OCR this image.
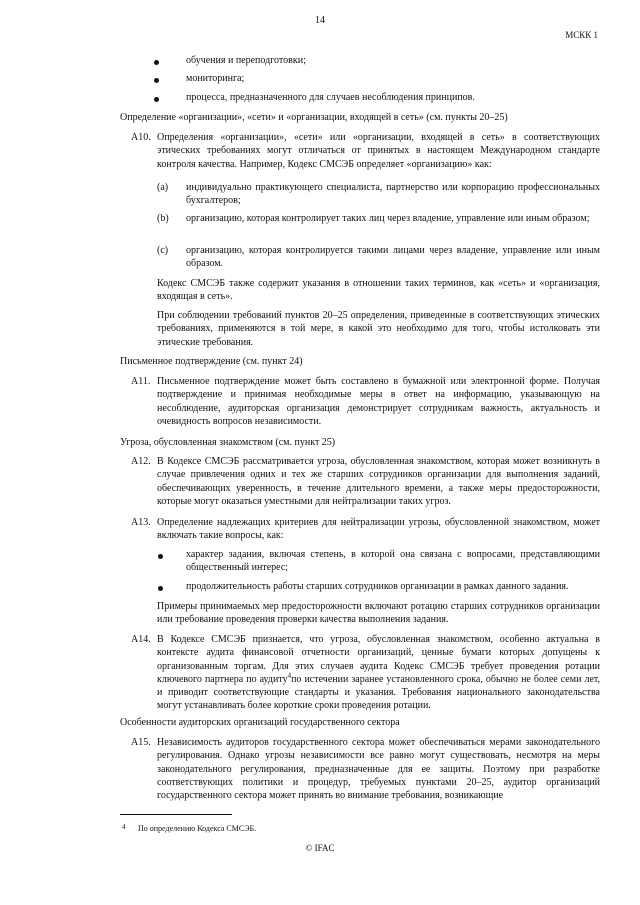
14
МСКК 1
обучения и переподготовки;
мониторинга;
процесса, предназначенного для случаев несоблюдения принципов.
Определение «организации», «сети» и «организации, входящей в сеть» (см. пункты 20–25)
A10. Определения «организации», «сети» или «организации, входящей в сеть» в соответствующих этических требованиях могут отличаться от принятых в настоящем Международном стандарте контроля качества. Например, Кодекс СМСЭБ определяет «организацию» как:
(a) индивидуально практикующего специалиста, партнерство или корпорацию профессиональных бухгалтеров;
(b) организацию, которая контролирует таких лиц через владение, управление или иным образом;
(c) организацию, которая контролируется такими лицами через владение, управление или иным образом.
Кодекс СМСЭБ также содержит указания в отношении таких терминов, как «сеть» и «организация, входящая в сеть».
При соблюдении требований пунктов 20–25 определения, приведенные в соответствующих этических требованиях, применяются в той мере, в какой это необходимо для того, чтобы истолковать эти этические требования.
Письменное подтверждение (см. пункт 24)
A11. Письменное подтверждение может быть составлено в бумажной или электронной форме. Получая подтверждение и принимая необходимые меры в ответ на информацию, указывающую на несоблюдение, аудиторская организация демонстрирует сотрудникам важность, актуальность и очевидность вопросов независимости.
Угроза, обусловленная знакомством (см. пункт 25)
A12. В Кодексе СМСЭБ рассматривается угроза, обусловленная знакомством, которая может возникнуть в случае привлечения одних и тех же старших сотрудников организации для выполнения заданий, обеспечивающих уверенность, в течение длительного времени, а также меры предосторожности, которые могут оказаться уместными для нейтрализации таких угроз.
A13. Определение надлежащих критериев для нейтрализации угрозы, обусловленной знакомством, может включать такие вопросы, как:
характер задания, включая степень, в которой она связана с вопросами, представляющими общественный интерес;
продолжительность работы старших сотрудников организации в рамках данного задания.
Примеры принимаемых мер предосторожности включают ротацию старших сотрудников организации или требование проведения проверки качества выполнения задания.
A14. В Кодексе СМСЭБ признается, что угроза, обусловленная знакомством, особенно актуальна в контексте аудита финансовой отчетности организаций, ценные бумаги которых допущены к организованным торгам. Для этих случаев аудита Кодекс СМСЭБ требует проведения ротации ключевого партнера по аудиту$^4$по истечении заранее установленного срока, обычно не более семи лет, и приводит соответствующие стандарты и указания. Требования национального законодательства могут устанавливать более короткие сроки проведения ротации.
Особенности аудиторских организаций государственного сектора
A15. Независимость аудиторов государственного сектора может обеспечиваться мерами законодательного регулирования. Однако угрозы независимости все равно могут существовать, несмотря на меры законодательного регулирования, предназначенные для ее защиты. Поэтому при разработке соответствующих политики и процедур, требуемых пунктами 20–25, аудитор организаций государственного сектора может принять во внимание требования, возникающие
4 По определению Кодекса СМСЭБ.
© IFAC
